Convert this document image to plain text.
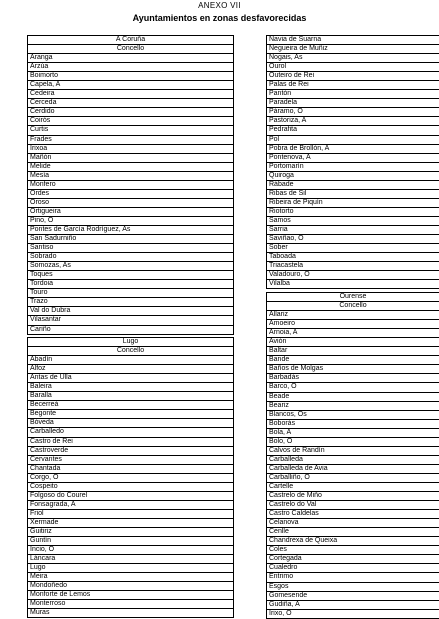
ANEXO VII
Ayuntamientos en zonas desfavorecidas
A Coruña
Concello
Aranga
Arzúa
Boimorto
Capela, A
Cedeira
Cerceda
Cerdido
Coirós
Curtis
Frades
Irixoa
Mañón
Melide
Mesía
Monfero
Ordes
Oroso
Ortigueira
Pino, O
Pontes de García Rodríguez, As
San Sadurniño
Santiso
Sobrado
Somozas, As
Toques
Tordoia
Touro
Trazo
Val do Dubra
Vilasantar
Cariño
Lugo
Concello
Abadín
Alfoz
Antas de Ulla
Baleira
Baralla
Becerreá
Begonte
Bóveda
Carballedo
Castro de Rei
Castroverde
Cervantes
Chantada
Corgo, O
Cospeito
Folgoso do Courel
Fonsagrada, A
Friol
Xermade
Guitiriz
Guntín
Incio, O
Láncara
Lugo
Meira
Mondoñedo
Monforte de Lemos
Monterroso
Muras
Navia de Suarna
Negueira de Muñiz
Nogais, As
Ourol
Outeiro de Rei
Palas de Rei
Pantón
Paradela
Páramo, O
Pastoriza, A
Pedrafita
Pol
Pobra de Brollón, A
Pontenova, A
Portomarín
Quiroga
Rábade
Ribas de Sil
Ribeira de Piquín
Riotorto
Samos
Sarria
Saviñao, O
Sober
Taboada
Triacastela
Valadouro, O
Vilalba
Ourense
Concello
Allariz
Amoeiro
Arnoia, A
Avión
Baltar
Bande
Baños de Molgas
Barbadás
Barco, O
Beade
Beariz
Blancos, Os
Boborás
Bola, A
Bolo, O
Calvos de Randín
Carballeda
Carballeda de Avia
Carballiño, O
Cartelle
Castrelo de Miño
Castrelo do Val
Castro Caldelas
Celanova
Cenlle
Chandrexa de Queixa
Coles
Cortegada
Cualedro
Entrimo
Esgos
Gomesende
Gudiña, A
Irixo, O
